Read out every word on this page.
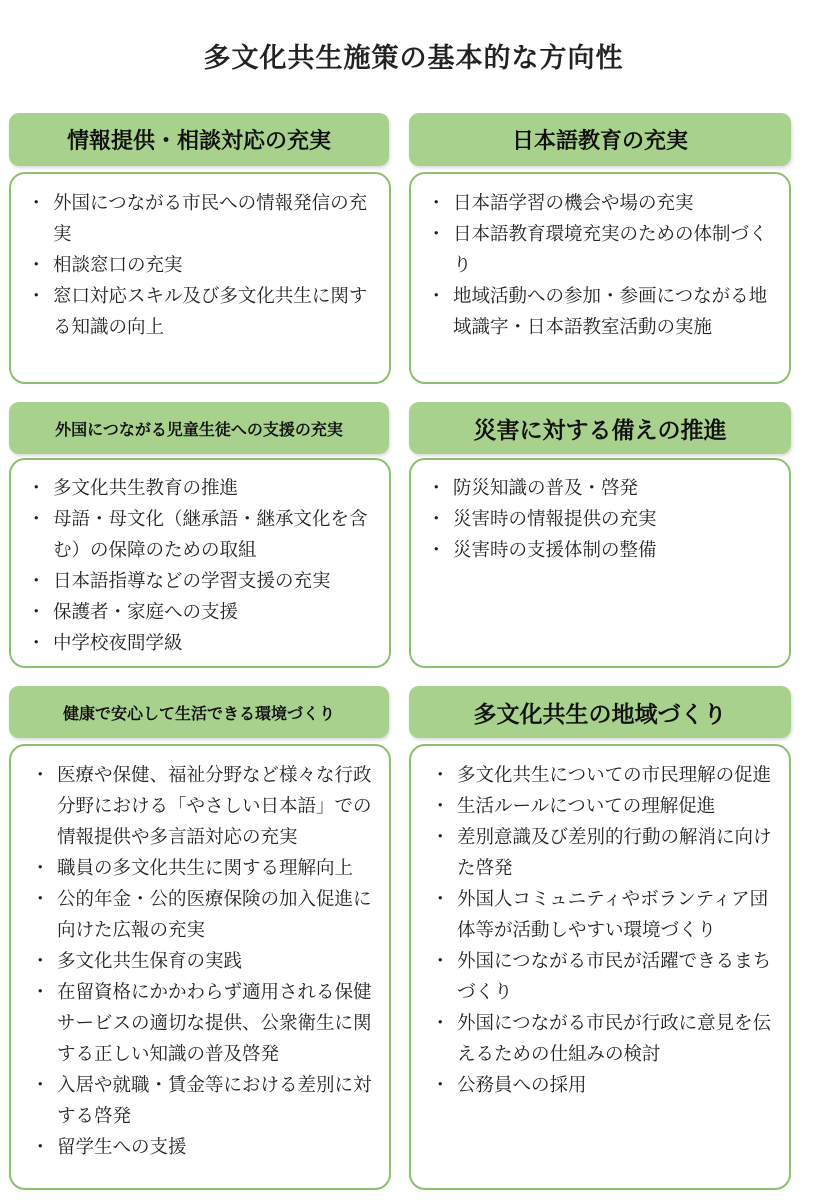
多文化共生施策の基本的な方向性
情報提供・相談対応の充実
・ 外国につながる市民への情報発信の充実
・ 相談窓口の充実
・ 窓口対応スキル及び多文化共生に関する知識の向上
日本語教育の充実
・ 日本語学習の機会や場の充実
・ 日本語教育環境充実のための体制づくり
・ 地域活動への参加・参画につながる地域識字・日本語教室活動の実施
外国につながる児童生徒への支援の充実
・ 多文化共生教育の推進
・ 母語・母文化（継承語・継承文化を含む）の保障のための取組
・ 日本語指導などの学習支援の充実
・ 保護者・家庭への支援
・ 中学校夜間学級
災害に対する備えの推進
・ 防災知識の普及・啓発
・ 災害時の情報提供の充実
・ 災害時の支援体制の整備
健康で安心して生活できる環境づくり
・ 医療や保健、福祉分野など様々な行政分野における「やさしい日本語」での情報提供や多言語対応の充実
・ 職員の多文化共生に関する理解向上
・ 公的年金・公的医療保険の加入促進に向けた広報の充実
・ 多文化共生保育の実践
・ 在留資格にかかわらず適用される保健サービスの適切な提供、公衆衛生に関する正しい知識の普及啓発
・ 入居や就職・賃金等における差別に対する啓発
・ 留学生への支援
多文化共生の地域づくり
・ 多文化共生についての市民理解の促進
・ 生活ルールについての理解促進
・ 差別意識及び差別的行動の解消に向けた啓発
・ 外国人コミュニティやボランティア団体等が活動しやすい環境づくり
・ 外国につながる市民が活躍できるまちづくり
・ 外国につながる市民が行政に意見を伝えるための仕組みの検討
・ 公務員への採用
